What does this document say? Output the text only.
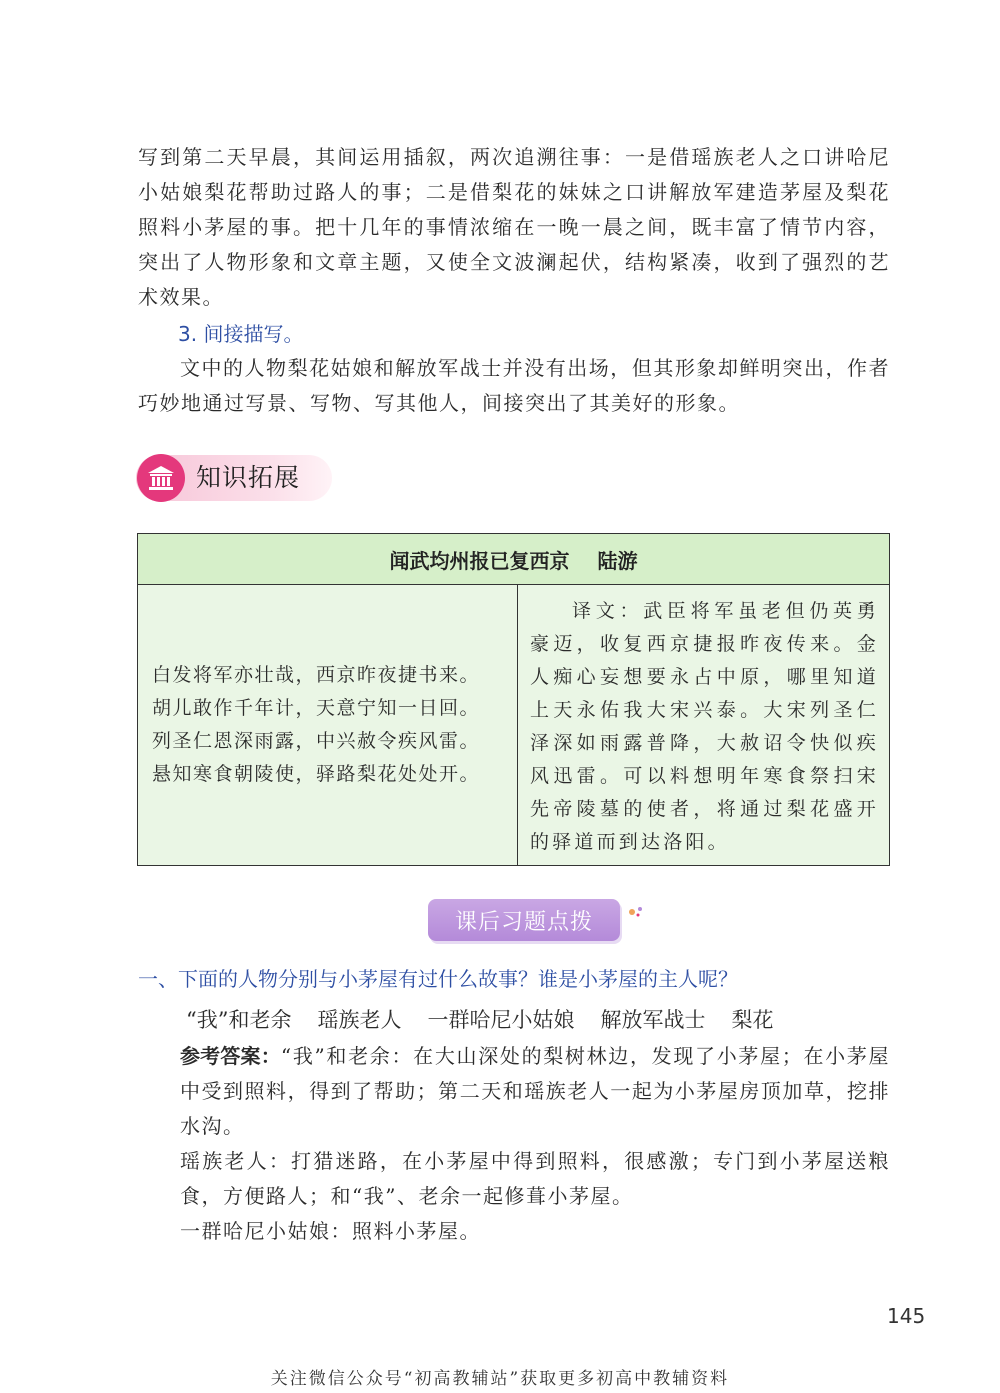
写到第二天早晨，其间运用插叙，两次追溯往事：一是借瑶族老人之口讲哈尼小姑娘梨花帮助过路人的事；二是借梨花的妹妹之口讲解放军建造茅屋及梨花照料小茅屋的事。把十几年的事情浓缩在一晚一晨之间，既丰富了情节内容，突出了人物形象和文章主题，又使全文波澜起伏，结构紧凑，收到了强烈的艺术效果。

3. 间接描写。

文中的人物梨花姑娘和解放军战士并没有出场，但其形象却鲜明突出，作者巧妙地通过写景、写物、写其他人，间接突出了其美好的形象。

知识拓展
闻武均州报已复西京 陆游
白发将军亦壮哉，西京昨夜捷书来。
胡儿敢作千年计，天意宁知一日回。
列圣仁恩深雨露，中兴赦令疾风雷。
悬知寒食朝陵使，驿路梨花处处开。

译文：武臣将军虽老但仍英勇豪迈，收复西京捷报昨夜传来。金人痴心妄想要永占中原，哪里知道上天永佑我大宋兴泰。大宋列圣仁泽深如雨露普降，大赦诏令快似疾风迅雷。可以料想明年寒食祭扫宋先帝陵墓的使者，将通过梨花盛开的驿道而到达洛阳。

课后习题点拨
一、下面的人物分别与小茅屋有过什么故事？谁是小茅屋的主人呢？
“我”和老余 瑶族老人 一群哈尼小姑娘 解放军战士 梨花

参考答案：“我”和老余：在大山深处的梨树林边，发现了小茅屋；在小茅屋中受到照料，得到了帮助；第二天和瑶族老人一起为小茅屋房顶加草，挖排水沟。

瑶族老人：打猎迷路，在小茅屋中得到照料，很感激；专门到小茅屋送粮食，方便路人；和“我”、老余一起修葺小茅屋。

一群哈尼小姑娘：照料小茅屋。

145
关注微信公众号“初高教辅站”获取更多初高中教辅资料
